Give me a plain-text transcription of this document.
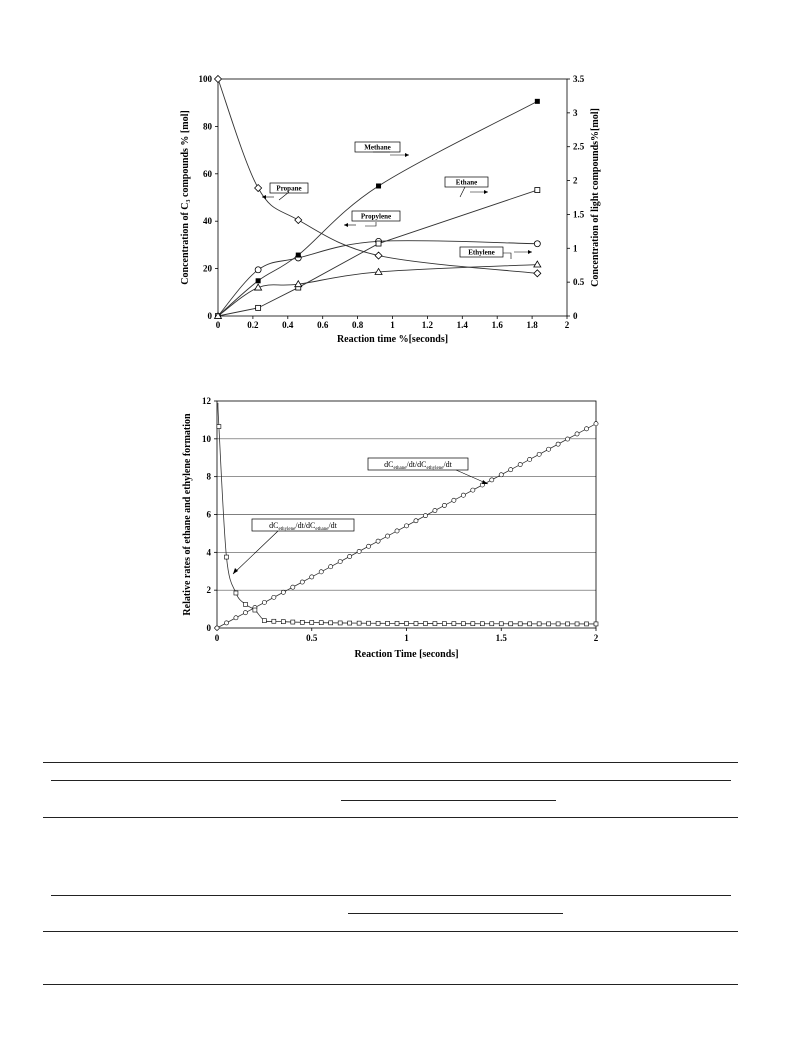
0	0.2	0.4	0.6	0.8	1	1.2	1.4	1.6	1.8	2
0
20
40
60
80
100
0
0.5
1
1.5
2
2.5
3
3.5
Reaction time %[seconds]
Concentration of C₃ compounds % [mol]	Concentration of light compounds%[mol]
Methane
Propane
Ethane
Propylene
Ethylene
0
2
4
6
8
10
12
0	0.5	1	1.5	2
Reaction Time [seconds]
Relative rates of ethane and ethylene formation	$dC_{ethane}/dt/dC_{ethylene}/dt$
$dC_{ethylene}/dt/dC_{ethane}/dt$
